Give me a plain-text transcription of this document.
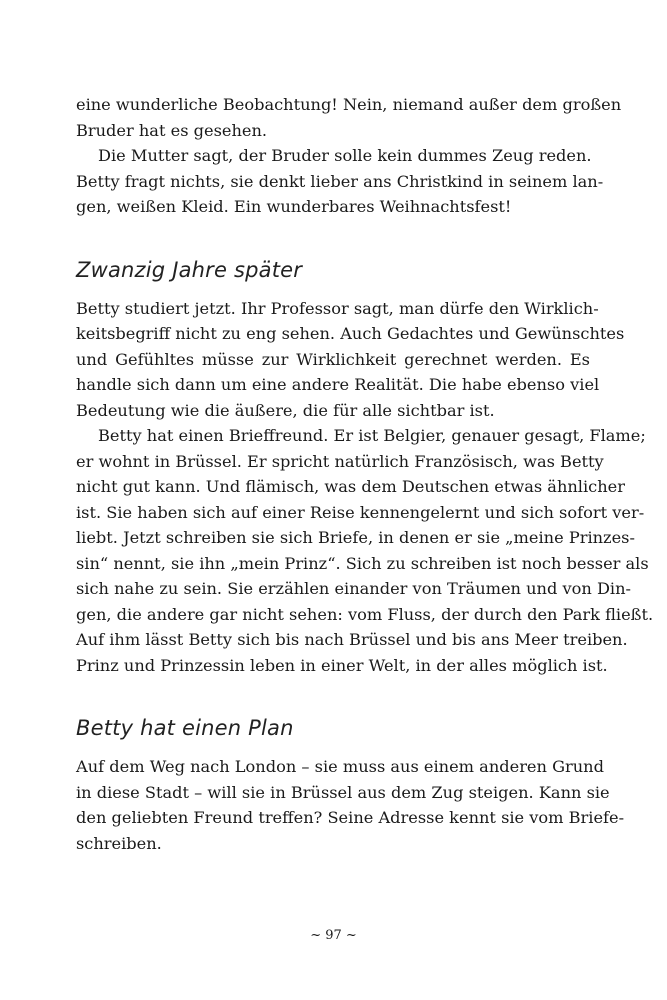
eine wunderliche Beobachtung! Nein, niemand außer dem großen
Bruder hat es gesehen.
Die Mutter sagt, der Bruder solle kein dummes Zeug reden.
Betty fragt nichts, sie denkt lieber ans Christkind in seinem lan-
gen, weißen Kleid. Ein wunderbares Weihnachtsfest!
Zwanzig Jahre später
Betty studiert jetzt. Ihr Professor sagt, man dürfe den Wirklich-
keitsbegriff nicht zu eng sehen. Auch Gedachtes und Gewünschtes
und Gefühltes müsse zur Wirklichkeit gerechnet werden. Es
handle sich dann um eine andere Realität. Die habe ebenso viel
Bedeutung wie die äußere, die für alle sichtbar ist.
Betty hat einen Brieffreund. Er ist Belgier, genauer gesagt, Flame;
er wohnt in Brüssel. Er spricht natürlich Französisch, was Betty
nicht gut kann. Und flämisch, was dem Deutschen etwas ähnlicher
ist. Sie haben sich auf einer Reise kennengelernt und sich sofort ver-
liebt. Jetzt schreiben sie sich Briefe, in denen er sie „meine Prinzes-
sin“ nennt, sie ihn „mein Prinz“. Sich zu schreiben ist noch besser als
sich nahe zu sein. Sie erzählen einander von Träumen und von Din-
gen, die andere gar nicht sehen: vom Fluss, der durch den Park fließt.
Auf ihm lässt Betty sich bis nach Brüssel und bis ans Meer treiben.
Prinz und Prinzessin leben in einer Welt, in der alles möglich ist.
Betty hat einen Plan
Auf dem Weg nach London – sie muss aus einem anderen Grund
in diese Stadt – will sie in Brüssel aus dem Zug steigen. Kann sie
den geliebten Freund treffen? Seine Adresse kennt sie vom Briefe-
schreiben.
~ 97 ~
